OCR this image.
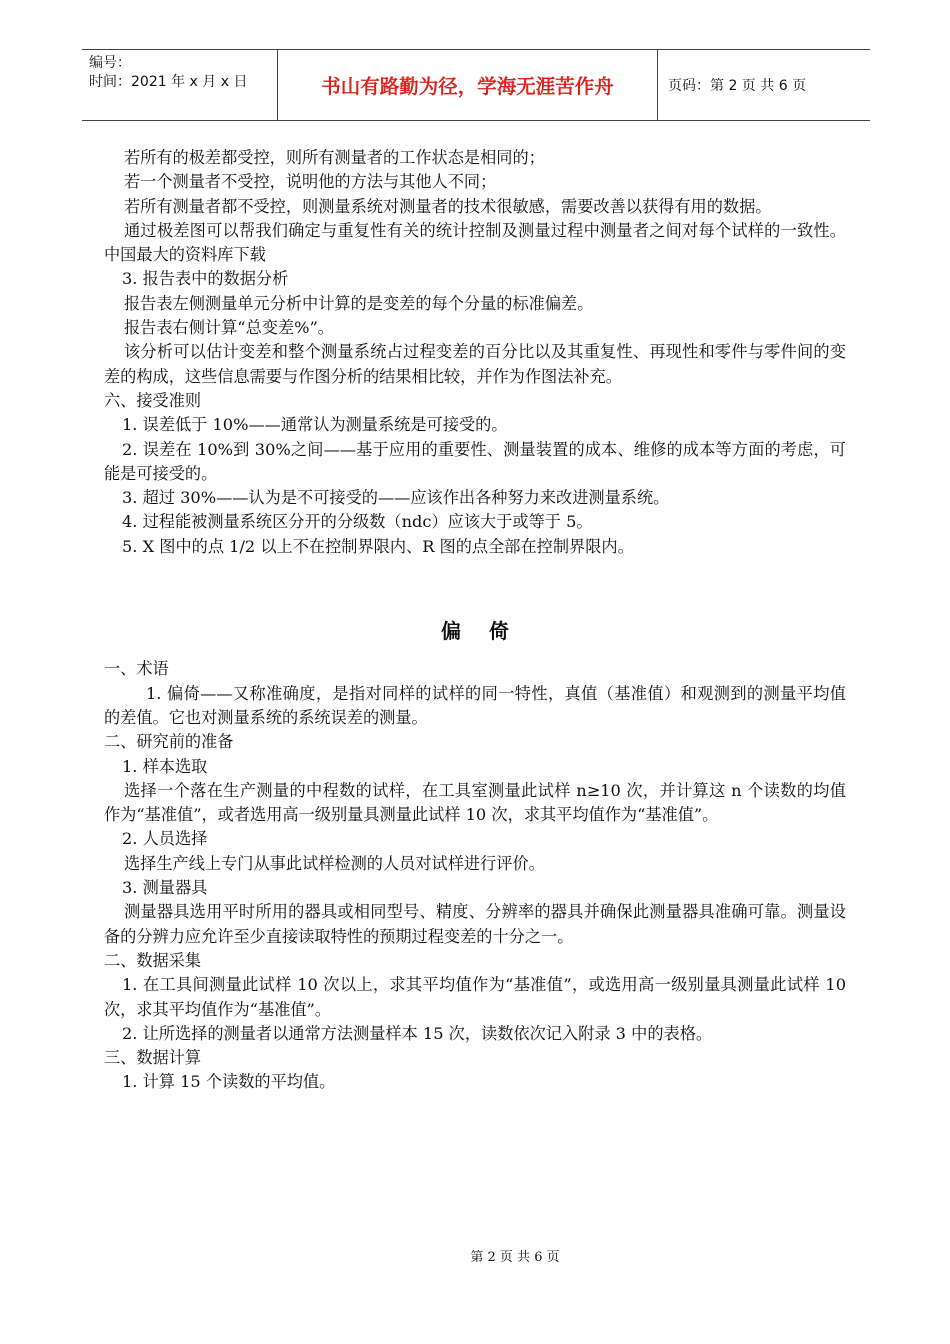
编号：
时间：2021 年 x 月 x 日	书山有路勤为径，学海无涯苦作舟	页码：第 2 页 共 6 页

若所有的极差都受控，则所有测量者的工作状态是相同的；

若一个测量者不受控，说明他的方法与其他人不同；

若所有测量者都不受控，则测量系统对测量者的技术很敏感，需要改善以获得有用的数据。

通过极差图可以帮我们确定与重复性有关的统计控制及测量过程中测量者之间对每个试样的一致性。 中国最大的资料库下载

3. 报告表中的数据分析

报告表左侧测量单元分析中计算的是变差的每个分量的标准偏差。

报告表右侧计算“总变差%”。

该分析可以估计变差和整个测量系统占过程变差的百分比以及其重复性、再现性和零件与零件间的变差的构成，这些信息需要与作图分析的结果相比较，并作为作图法补充。

六、接受准则

1. 误差低于 10%——通常认为测量系统是可接受的。

2. 误差在 10%到 30%之间——基于应用的重要性、测量装置的成本、维修的成本等方面的考虑，可能是可接受的。

3. 超过 30%——认为是不可接受的——应该作出各种努力来改进测量系统。

4. 过程能被测量系统区分开的分级数（ndc）应该大于或等于 5。

5. X 图中的点 1/2 以上不在控制界限内、R 图的点全部在控制界限内。

偏倚

一、术语

1. 偏倚——又称准确度，是指对同样的试样的同一特性，真值（基准值）和观测到的测量平均值的差值。它也对测量系统的系统误差的测量。

二、研究前的准备

1. 样本选取

选择一个落在生产测量的中程数的试样，在工具室测量此试样 n≥10 次，并计算这 n 个读数的均值作为“基准值”，或者选用高一级别量具测量此试样 10 次，求其平均值作为“基准值”。

2. 人员选择

选择生产线上专门从事此试样检测的人员对试样进行评价。

3. 测量器具

测量器具选用平时所用的器具或相同型号、精度、分辨率的器具并确保此测量器具准确可靠。测量设备的分辨力应允许至少直接读取特性的预期过程变差的十分之一。

二、数据采集

1. 在工具间测量此试样 10 次以上，求其平均值作为“基准值”，或选用高一级别量具测量此试样 10 次，求其平均值作为“基准值”。

2. 让所选择的测量者以通常方法测量样本 15 次，读数依次记入附录 3 中的表格。

三、数据计算

1. 计算 15 个读数的平均值。

第 2 页 共 6 页
